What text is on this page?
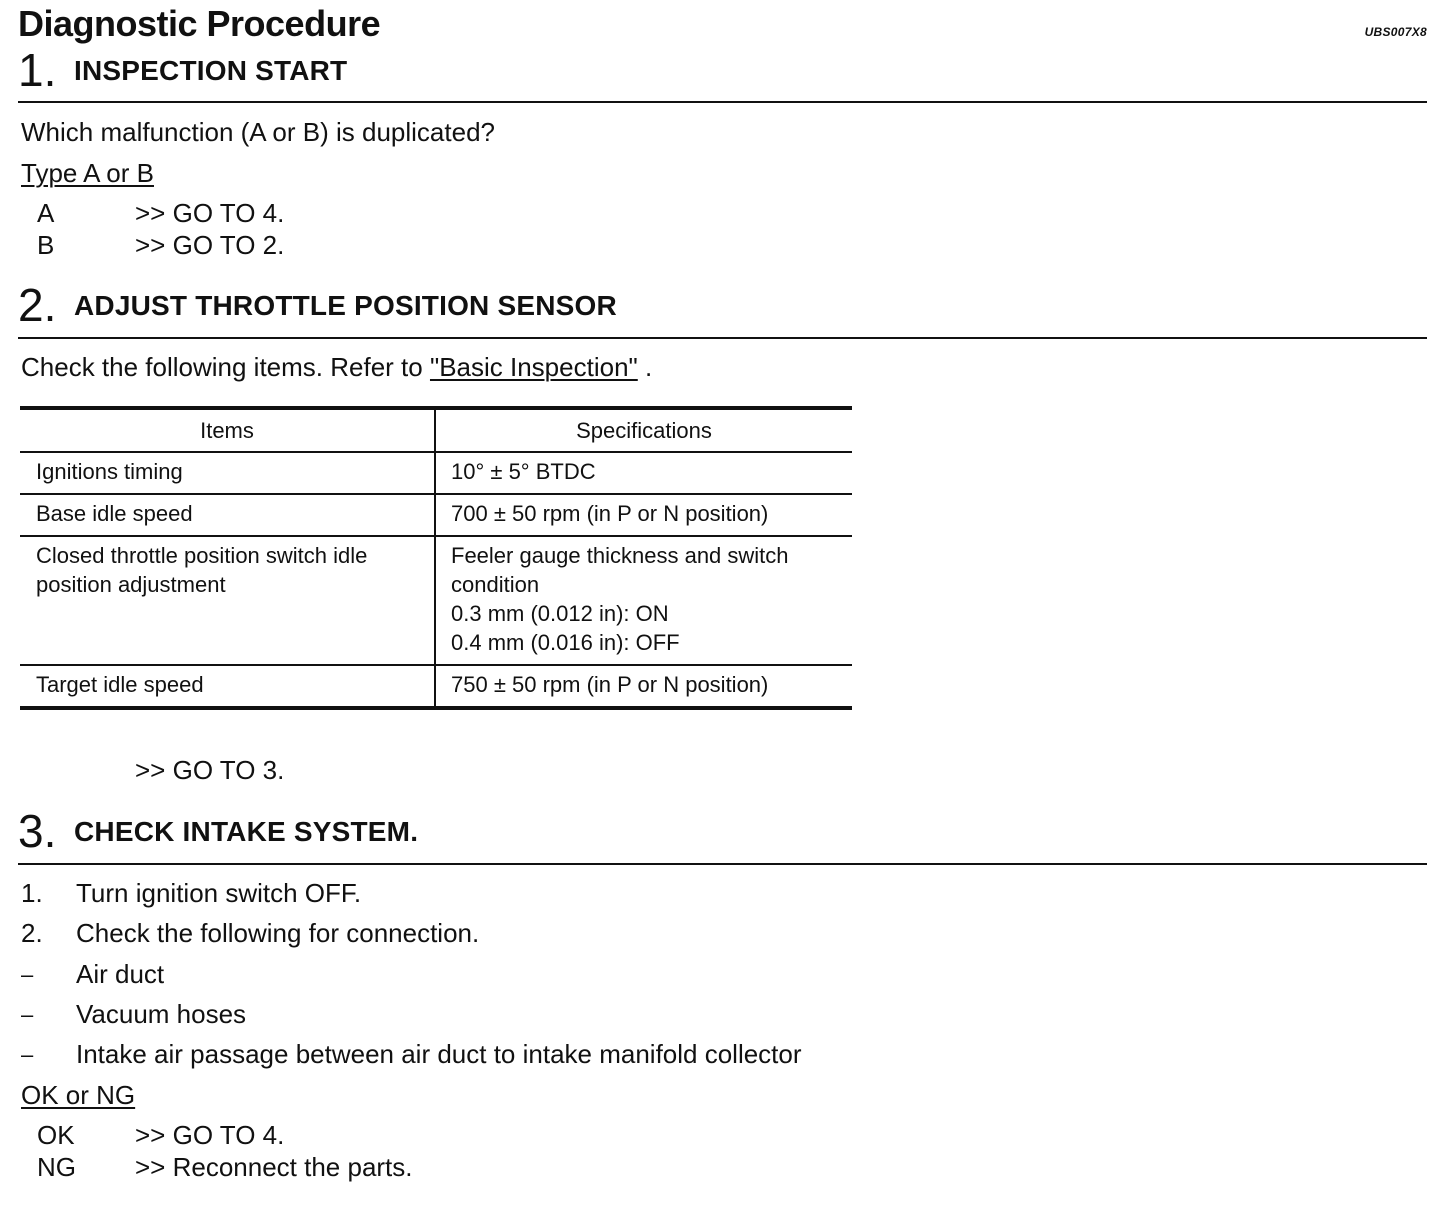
Diagnostic Procedure	UBS007X8
1. INSPECTION START
Which malfunction (A or B) is duplicated?
Type A or B
A	>> GO TO 4.
B	>> GO TO 2.
2. ADJUST THROTTLE POSITION SENSOR
Check the following items. Refer to "Basic Inspection" .
Items	Specifications

Ignitions timing	10° ± 5° BTDC

Base idle speed	700 ± 50 rpm (in P or N position)

Closed throttle position switch idle
position adjustment	Feeler gauge thickness and switch
condition
0.3 mm (0.012 in): ON
0.4 mm (0.016 in): OFF

Target idle speed	750 ± 50 rpm (in P or N position)
>> GO TO 3.
3. CHECK INTAKE SYSTEM.
1. Turn ignition switch OFF.
2. Check the following for connection.
– Air duct
– Vacuum hoses
– Intake air passage between air duct to intake manifold collector
OK or NG
OK >> GO TO 4.
NG >> Reconnect the parts.
